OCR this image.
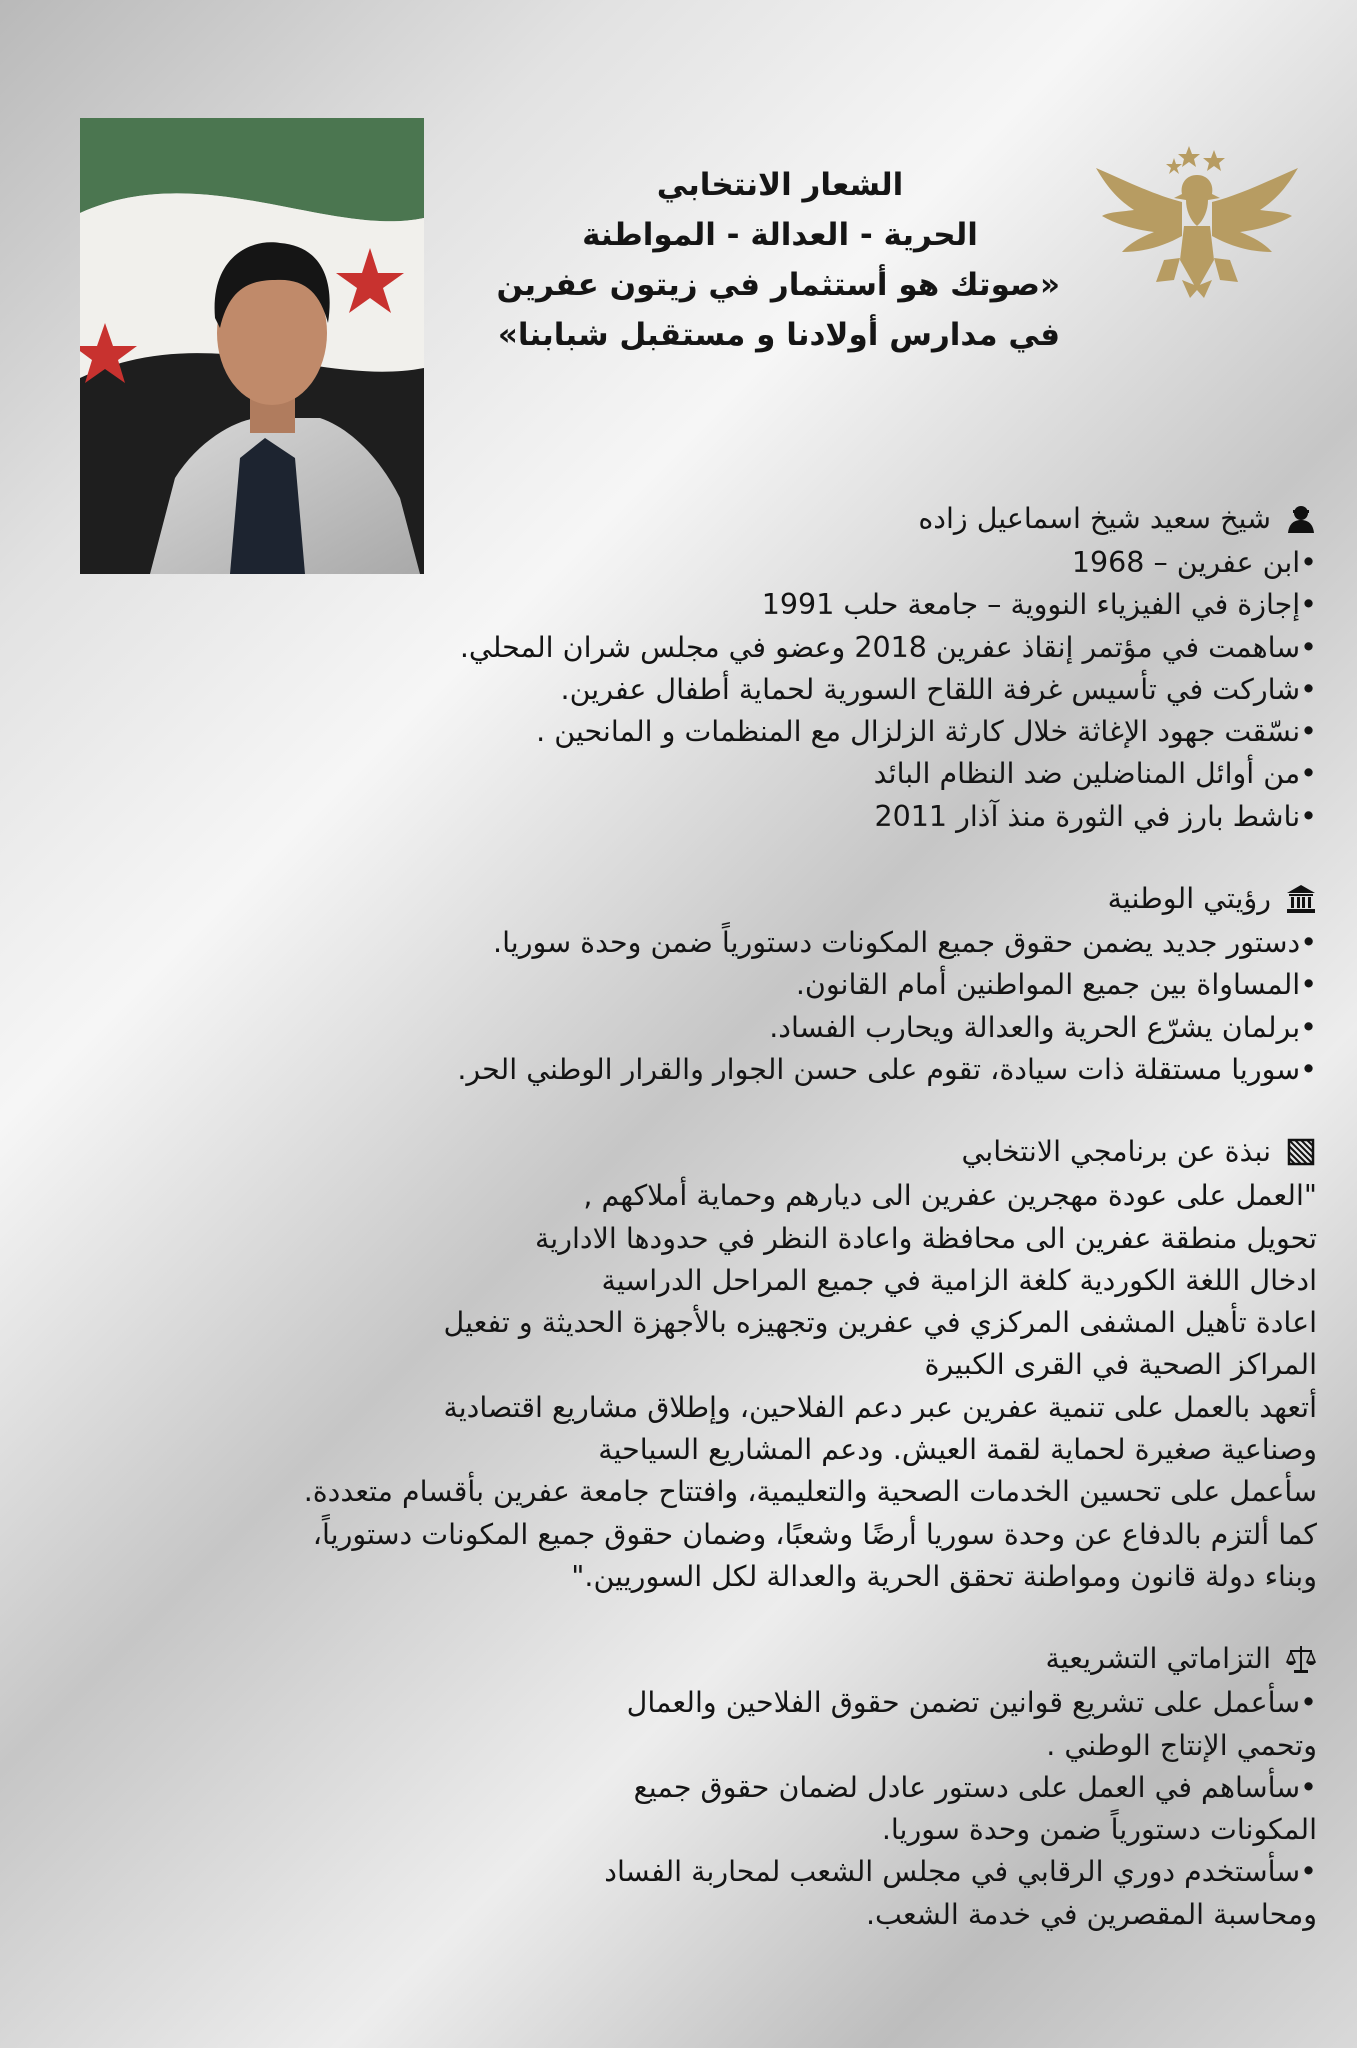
الشعار الانتخابي
الحرية - العدالة - المواطنة
«صوتك هو أستثمار في زيتون عفرين
في مدارس أولادنا و مستقبل شبابنا»
شيخ سعيد شيخ اسماعيل زاده
•ابن عفرين – 1968
•إجازة في الفيزياء النووية – جامعة حلب 1991
•ساهمت في مؤتمر إنقاذ عفرين 2018 وعضو في مجلس شران المحلي.
•شاركت في تأسيس غرفة اللقاح السورية لحماية أطفال عفرين.
•نسّقت جهود الإغاثة خلال كارثة الزلزال مع المنظمات و المانحين .
•من أوائل المناضلين ضد النظام البائد
•ناشط بارز في الثورة منذ آذار 2011
رؤيتي الوطنية
•دستور جديد يضمن حقوق جميع المكونات دستورياً ضمن وحدة سوريا.
•المساواة بين جميع المواطنين أمام القانون.
•برلمان يشرّع الحرية والعدالة ويحارب الفساد.
•سوريا مستقلة ذات سيادة، تقوم على حسن الجوار والقرار الوطني الحر.
نبذة عن برنامجي الانتخابي
"العمل على عودة مهجرين عفرين الى ديارهم وحماية أملاكهم ,
تحويل منطقة عفرين الى محافظة واعادة النظر في حدودها الادارية
ادخال اللغة الكوردية كلغة الزامية في جميع المراحل الدراسية
اعادة تأهيل المشفى المركزي في عفرين وتجهيزه بالأجهزة الحديثة و تفعيل
المراكز الصحية في القرى الكبيرة
أتعهد بالعمل على تنمية عفرين عبر دعم الفلاحين، وإطلاق مشاريع اقتصادية
وصناعية صغيرة لحماية لقمة العيش. ودعم المشاريع السياحية
سأعمل على تحسين الخدمات الصحية والتعليمية، وافتتاح جامعة عفرين بأقسام متعددة.
كما ألتزم بالدفاع عن وحدة سوريا أرضًا وشعبًا، وضمان حقوق جميع المكونات دستورياً،
وبناء دولة قانون ومواطنة تحقق الحرية والعدالة لكل السوريين."
التزاماتي التشريعية
•سأعمل على تشريع قوانين تضمن حقوق الفلاحين والعمال
وتحمي الإنتاج الوطني .
•سأساهم في العمل على دستور عادل لضمان حقوق جميع
المكونات دستورياً ضمن وحدة سوريا.
•سأستخدم دوري الرقابي في مجلس الشعب لمحاربة الفساد
ومحاسبة المقصرين في خدمة الشعب.
